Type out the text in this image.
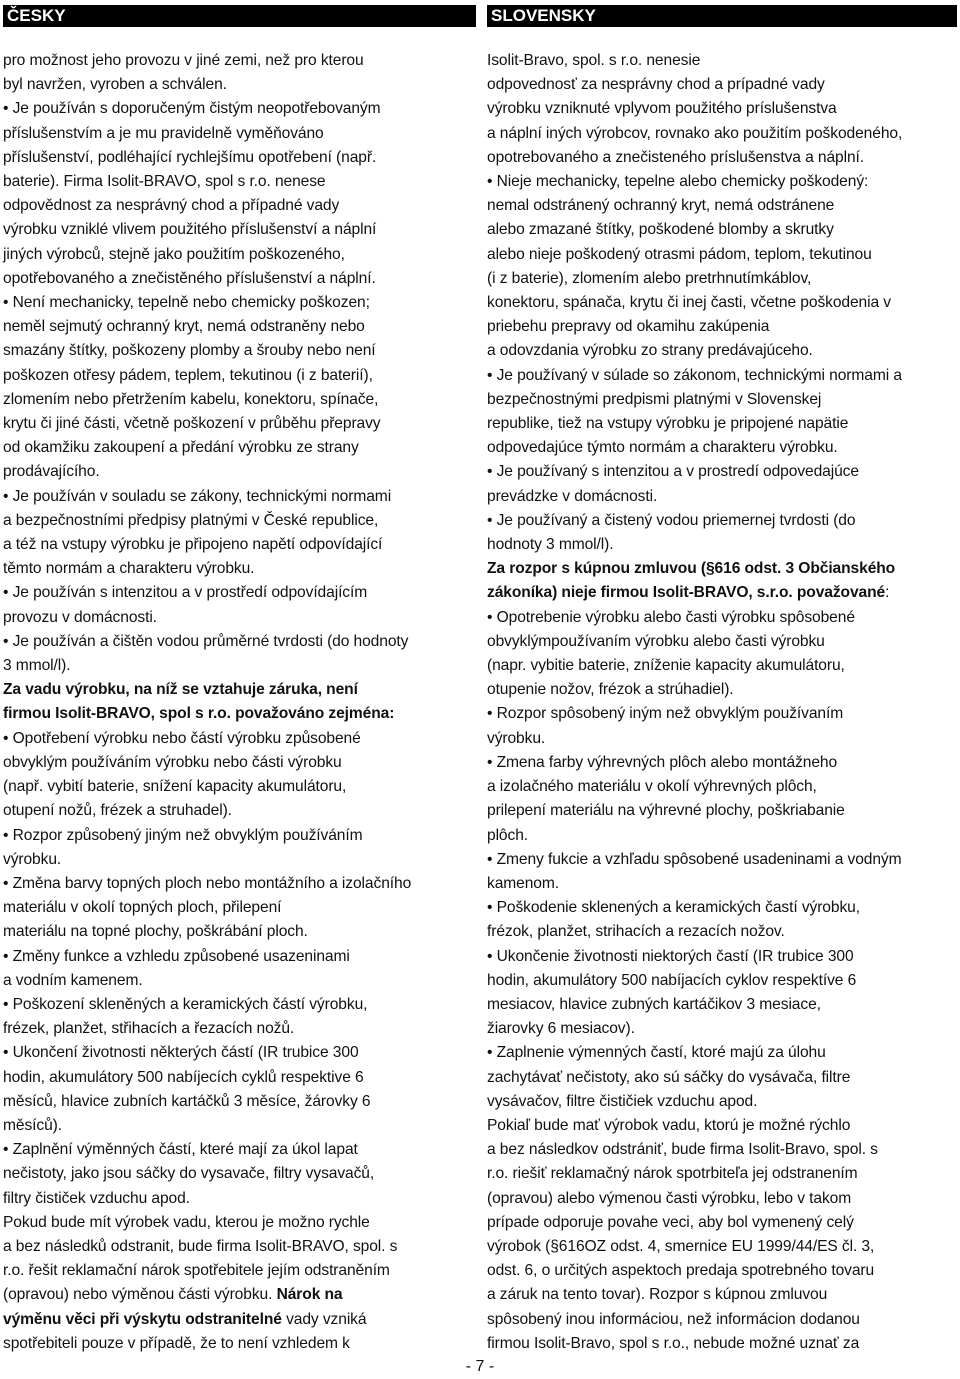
ČESKY

pro možnost jeho provozu v jiné zemi, než pro kterou

byl navržen, vyroben a schválen.

• Je používán s doporučeným čistým neopotřebovaným

příslušenstvím a je mu pravidelně vyměňováno

příslušenství, podléhající rychlejšímu opotřebení (např.

baterie). Firma Isolit-BRAVO, spol s r.o. nenese

odpovědnost za nesprávný chod a případné vady

výrobku vzniklé vlivem použitého příslušenství a náplní

jiných výrobců, stejně jako použitím poškozeného,

opotřebovaného a znečistěného příslušenství a náplní.

• Není mechanicky, tepelně nebo chemicky poškozen;

neměl sejmutý ochranný kryt, nemá odstraněny nebo

smazány štítky, poškozeny plomby a šrouby nebo není

poškozen otřesy pádem, teplem, tekutinou (i z baterií),

zlomením nebo přetržením kabelu, konektoru, spínače,

krytu či jiné části, včetně poškození v průběhu přepravy

od okamžiku zakoupení a předání výrobku ze strany

prodávajícího.

• Je používán v souladu se zákony, technickými normami

a bezpečnostními předpisy platnými v České republice,

a též na vstupy výrobku je připojeno napětí odpovídající

těmto normám a charakteru výrobku.

• Je používán s intenzitou a v prostředí odpovídajícím

provozu v domácnosti.

• Je používán a čištěn vodou průměrné tvrdosti (do hodnoty

3 mmol/l).

Za vadu výrobku, na níž se vztahuje záruka, není

firmou Isolit-BRAVO, spol s r.o. považováno zejména:

• Opotřebení výrobku nebo částí výrobku způsobené

obvyklým používáním výrobku nebo části výrobku

(např. vybití baterie, snížení kapacity akumulátoru,

otupení nožů, frézek a struhadel).

• Rozpor způsobený jiným než obvyklým používáním

výrobku.

• Změna barvy topných ploch nebo montážního a izolačního

materiálu v okolí topných ploch, přilepení

materiálu na topné plochy, poškrábání ploch.

• Změny funkce a vzhledu způsobené usazeninami

a vodním kamenem.

• Poškození skleněných a keramických částí výrobku,

frézek, planžet, střihacích a řezacích nožů.

• Ukončení životnosti některých částí (IR trubice 300

hodin, akumulátory 500 nabíjecích cyklů respektive 6

měsíců, hlavice zubních kartáčků 3 měsíce, žárovky 6

měsíců).

• Zaplnění výměnných částí, které mají za úkol lapat

nečistoty, jako jsou sáčky do vysavače, filtry vysavačů,

filtry čističek vzduchu apod.

Pokud bude mít výrobek vadu, kterou je možno rychle

a bez následků odstranit, bude firma Isolit-BRAVO, spol. s

r.o. řešit reklamační nárok spotřebitele jejím odstraněním

(opravou) nebo výměnou části výrobku. Nárok na

výměnu věci při výskytu odstranitelné vady vzniká

spotřebiteli pouze v případě, že to není vzhledem k

SLOVENSKY

Isolit-Bravo, spol. s r.o. nenesie

odpovednosť za nesprávny chod a prípadné vady

výrobku vzniknuté vplyvom použitého príslušenstva

a náplní iných výrobcov, rovnako ako použitím poškodeného,

opotrebovaného a znečisteného príslušenstva a náplní.

• Nieje mechanicky, tepelne alebo chemicky poškodený:

nemal odstránený ochranný kryt, nemá odstránene

alebo zmazané štítky, poškodené blomby a skrutky

alebo nieje poškodený otrasmi pádom, teplom, tekutinou

(i z baterie), zlomením alebo pretrhnutímkáblov,

konektoru, spánača, krytu či inej časti, včetne poškodenia v

priebehu prepravy od okamihu zakúpenia

a odovzdania výrobku zo strany predávajúceho.

• Je používaný v súlade so zákonom, technickými normami a

bezpečnostnými predpismi platnými v Slovenskej

republike, tiež na vstupy výrobku je pripojené napätie

odpovedajúce týmto normám a charakteru výrobku.

• Je používaný s intenzitou a v prostredí odpovedajúce

prevádzke v domácnosti.

• Je používaný a čistený vodou priemernej tvrdosti (do

hodnoty 3 mmol/l).

Za rozpor s kúpnou zmluvou (§616 odst. 3 Občianského

zákoníka) nieje firmou Isolit-BRAVO, s.r.o. považované:

• Opotrebenie výrobku alebo časti výrobku spôsobené

obvyklýmpoužívaním výrobku alebo časti výrobku

(napr. vybitie baterie, zníženie kapacity akumulátoru,

otupenie nožov, frézok a strúhadiel).

• Rozpor spôsobený iným než obvyklým používaním

výrobku.

• Zmena farby výhrevných plôch alebo montážneho

a izolačného materiálu v okolí výhrevných plôch,

prilepení materiálu na výhrevné plochy, poškriabanie

plôch.

• Zmeny fukcie a vzhľadu spôsobené usadeninami a vodným

kamenom.

• Poškodenie sklenených a keramických častí výrobku,

frézok, planžet, strihacích a rezacích nožov.

• Ukončenie životnosti niektorých častí (IR trubice 300

hodin, akumulátory 500 nabíjacích cyklov respektíve 6

mesiacov, hlavice zubných kartáčikov 3 mesiace,

žiarovky 6 mesiacov).

• Zaplnenie výmenných častí, ktoré majú za úlohu

zachytávať nečistoty, ako sú sáčky do vysávača, filtre

vysávačov, filtre čističiek vzduchu apod.

Pokiaľ bude mať výrobok vadu, ktorú je možné rýchlo

a bez následkov odstrániť, bude firma Isolit-Bravo, spol. s

r.o. riešiť reklamačný nárok spotrbiteľa jej odstranením

(opravou) alebo výmenou časti výrobku, lebo v takom

prípade odporuje povahe veci, aby bol vymenený celý

výrobok (§616OZ odst. 4, smernice EU 1999/44/ES čl. 3,

odst. 6, o určitých aspektoch predaja spotrebného tovaru

a záruk na tento tovar). Rozpor s kúpnou zmluvou

spôsobený inou informáciou, než informácion dodanou

firmou Isolit-Bravo, spol s r.o., nebude možné uznať za

- 7 -
